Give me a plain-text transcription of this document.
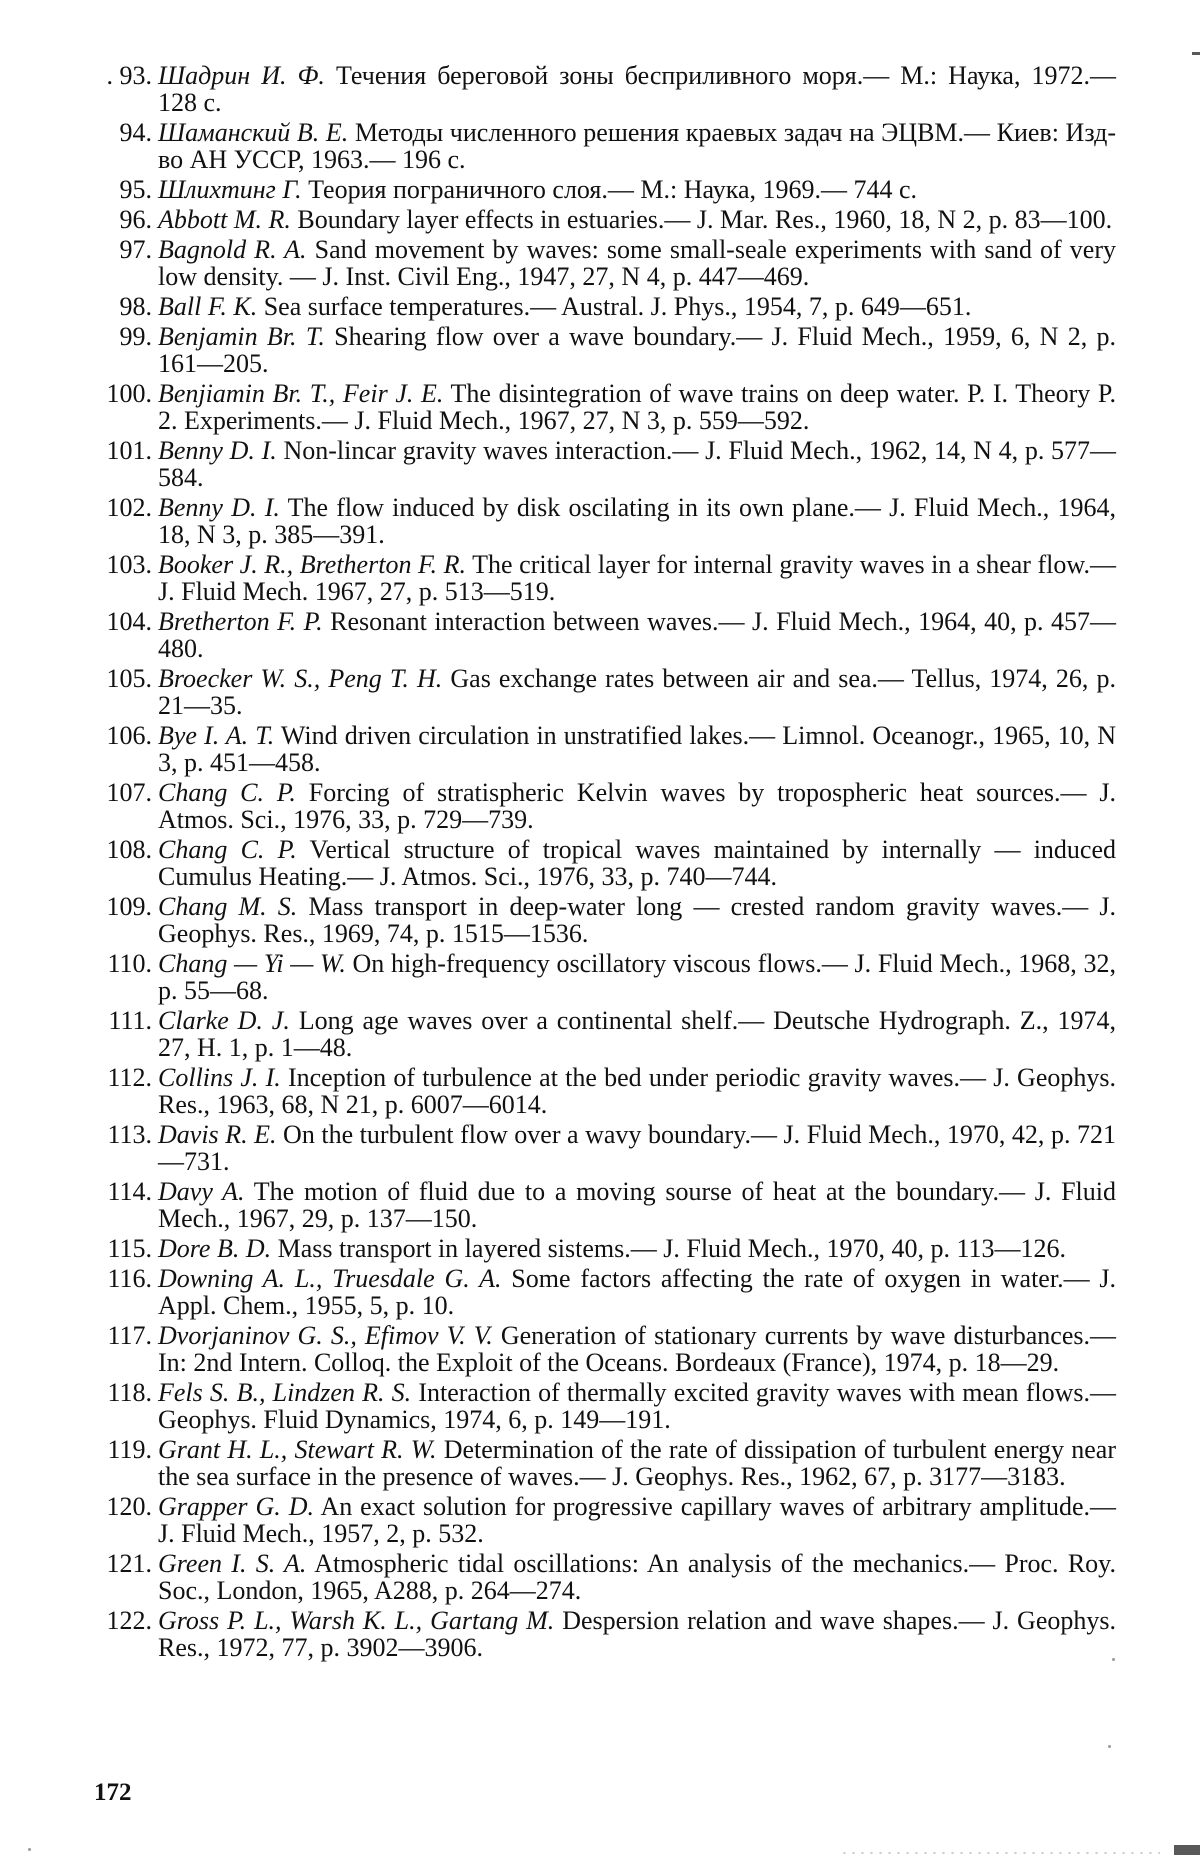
. 93. Шадрин И. Ф. Течения береговой зоны бесприливного моря.— М.: Наука, 1972.— 128 с.
94. Шаманский В. Е. Методы численного решения краевых задач на ЭЦВМ.— Киев: Изд-во АН УССР, 1963.— 196 с.
95. Шлихтинг Г. Теория пограничного слоя.— М.: Наука, 1969.— 744 с.
96. Abbott M. R. Boundary layer effects in estuaries.— J. Mar. Res., 1960, 18, N 2, p. 83—100.
97. Bagnold R. A. Sand movement by waves: some small-seale experiments with sand of very low density. — J. Inst. Civil Eng., 1947, 27, N 4, p. 447—469.
98. Ball F. K. Sea surface temperatures.— Austral. J. Phys., 1954, 7, p. 649—651.
99. Benjamin Br. T. Shearing flow over a wave boundary.— J. Fluid Mech., 1959, 6, N 2, p. 161—205.
100. Benjiamin Br. T., Feir J. E. The disintegration of wave trains on deep water. P. I. Theory P. 2. Experiments.— J. Fluid Mech., 1967, 27, N 3, p. 559—592.
101. Benny D. I. Non-lincar gravity waves interaction.— J. Fluid Mech., 1962, 14, N 4, p. 577—584.
102. Benny D. I. The flow induced by disk oscilating in its own plane.— J. Fluid Mech., 1964, 18, N 3, p. 385—391.
103. Booker J. R., Bretherton F. R. The critical layer for internal gravity waves in a shear flow.— J. Fluid Mech. 1967, 27, p. 513—519.
104. Bretherton F. P. Resonant interaction between waves.— J. Fluid Mech., 1964, 40, p. 457—480.
105. Broecker W. S., Peng T. H. Gas exchange rates between air and sea.— Tellus, 1974, 26, p. 21—35.
106. Bye I. A. T. Wind driven circulation in unstratified lakes.— Limnol. Oceanogr., 1965, 10, N 3, p. 451—458.
107. Chang C. P. Forcing of stratispheric Kelvin waves by tropospheric heat sources.— J. Atmos. Sci., 1976, 33, p. 729—739.
108. Chang C. P. Vertical structure of tropical waves maintained by internally — induced Cumulus Heating.— J. Atmos. Sci., 1976, 33, p. 740—744.
109. Chang M. S. Mass transport in deep-water long — crested random gravity waves.— J. Geophys. Res., 1969, 74, p. 1515—1536.
110. Chang — Yi — W. On high-frequency oscillatory viscous flows.— J. Fluid Mech., 1968, 32, p. 55—68.
111. Clarke D. J. Long age waves over a continental shelf.— Deutsche Hydrograph. Z., 1974, 27, H. 1, p. 1—48.
112. Collins J. I. Inception of turbulence at the bed under periodic gravity waves.— J. Geophys. Res., 1963, 68, N 21, p. 6007—6014.
113. Davis R. E. On the turbulent flow over a wavy boundary.— J. Fluid Mech., 1970, 42, p. 721—731.
114. Davy A. The motion of fluid due to a moving sourse of heat at the boundary.— J. Fluid Mech., 1967, 29, p. 137—150.
115. Dore B. D. Mass transport in layered sistems.— J. Fluid Mech., 1970, 40, p. 113—126.
116. Downing A. L., Truesdale G. A. Some factors affecting the rate of oxygen in water.— J. Appl. Chem., 1955, 5, p. 10.
117. Dvorjaninov G. S., Efimov V. V. Generation of stationary currents by wave disturbances.— In: 2nd Intern. Colloq. the Exploit of the Oceans. Bordeaux (France), 1974, p. 18—29.
118. Fels S. B., Lindzen R. S. Interaction of thermally excited gravity waves with mean flows.— Geophys. Fluid Dynamics, 1974, 6, p. 149—191.
119. Grant H. L., Stewart R. W. Determination of the rate of dissipation of turbulent energy near the sea surface in the presence of waves.— J. Geophys. Res., 1962, 67, p. 3177—3183.
120. Grapper G. D. An exact solution for progressive capillary waves of arbitrary amplitude.— J. Fluid Mech., 1957, 2, p. 532.
121. Green I. S. A. Atmospheric tidal oscillations: An analysis of the mechanics.— Proc. Roy. Soc., London, 1965, A288, p. 264—274.
122. Gross P. L., Warsh K. L., Gartang M. Despersion relation and wave shapes.— J. Geophys. Res., 1972, 77, p. 3902—3906.
172
